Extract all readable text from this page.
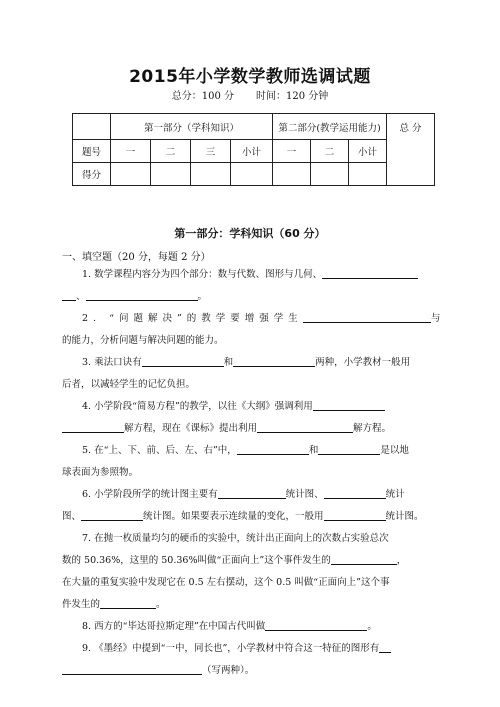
2015年小学数学教师选调试题
总分：100 分 时间：120 分钟
	第一部分（学科知识）				第二部分(教学运用能力)			总 分
题号	一	二	三	小计	一	二	小计	
得分								
第一部分：学科知识（60 分）
一、填空题（20 分，每题 2 分）
1. 数学课程内容分为四个部分：数与代数、图形与几何、
、	。
2. “问题解决”的教学要增强学生	与
的能力，分析问题与解决问题的能力。
3. 乘法口诀有	和	两种，小学教材一般用
后者，以减轻学生的记忆负担。
4. 小学阶段“简易方程”的教学，以往《大纲》强调利用
解方程，现在《课标》提出利用	解方程。
5. 在“上、下、前、后、左、右”中，	和	是以地
球表面为参照物。
6. 小学阶段所学的统计图主要有	统计图、	统计
图、	统计图。如果要表示连续量的变化，一般用	统计图。
7. 在抛一枚质量均匀的硬币的实验中，统计出正面向上的次数占实验总次
数的 50.36%，这里的 50.36%叫做“正面向上”这个事件发生的	，
在大量的重复实验中发现它在 0.5 左右摆动，这个 0.5 叫做“正面向上”这个事
件发生的	。
8. 西方的“毕达哥拉斯定理”在中国古代叫做	。
9. 《墨经》中提到“一中，同长也”，小学教材中符合这一特征的图形有
（写两种）。
